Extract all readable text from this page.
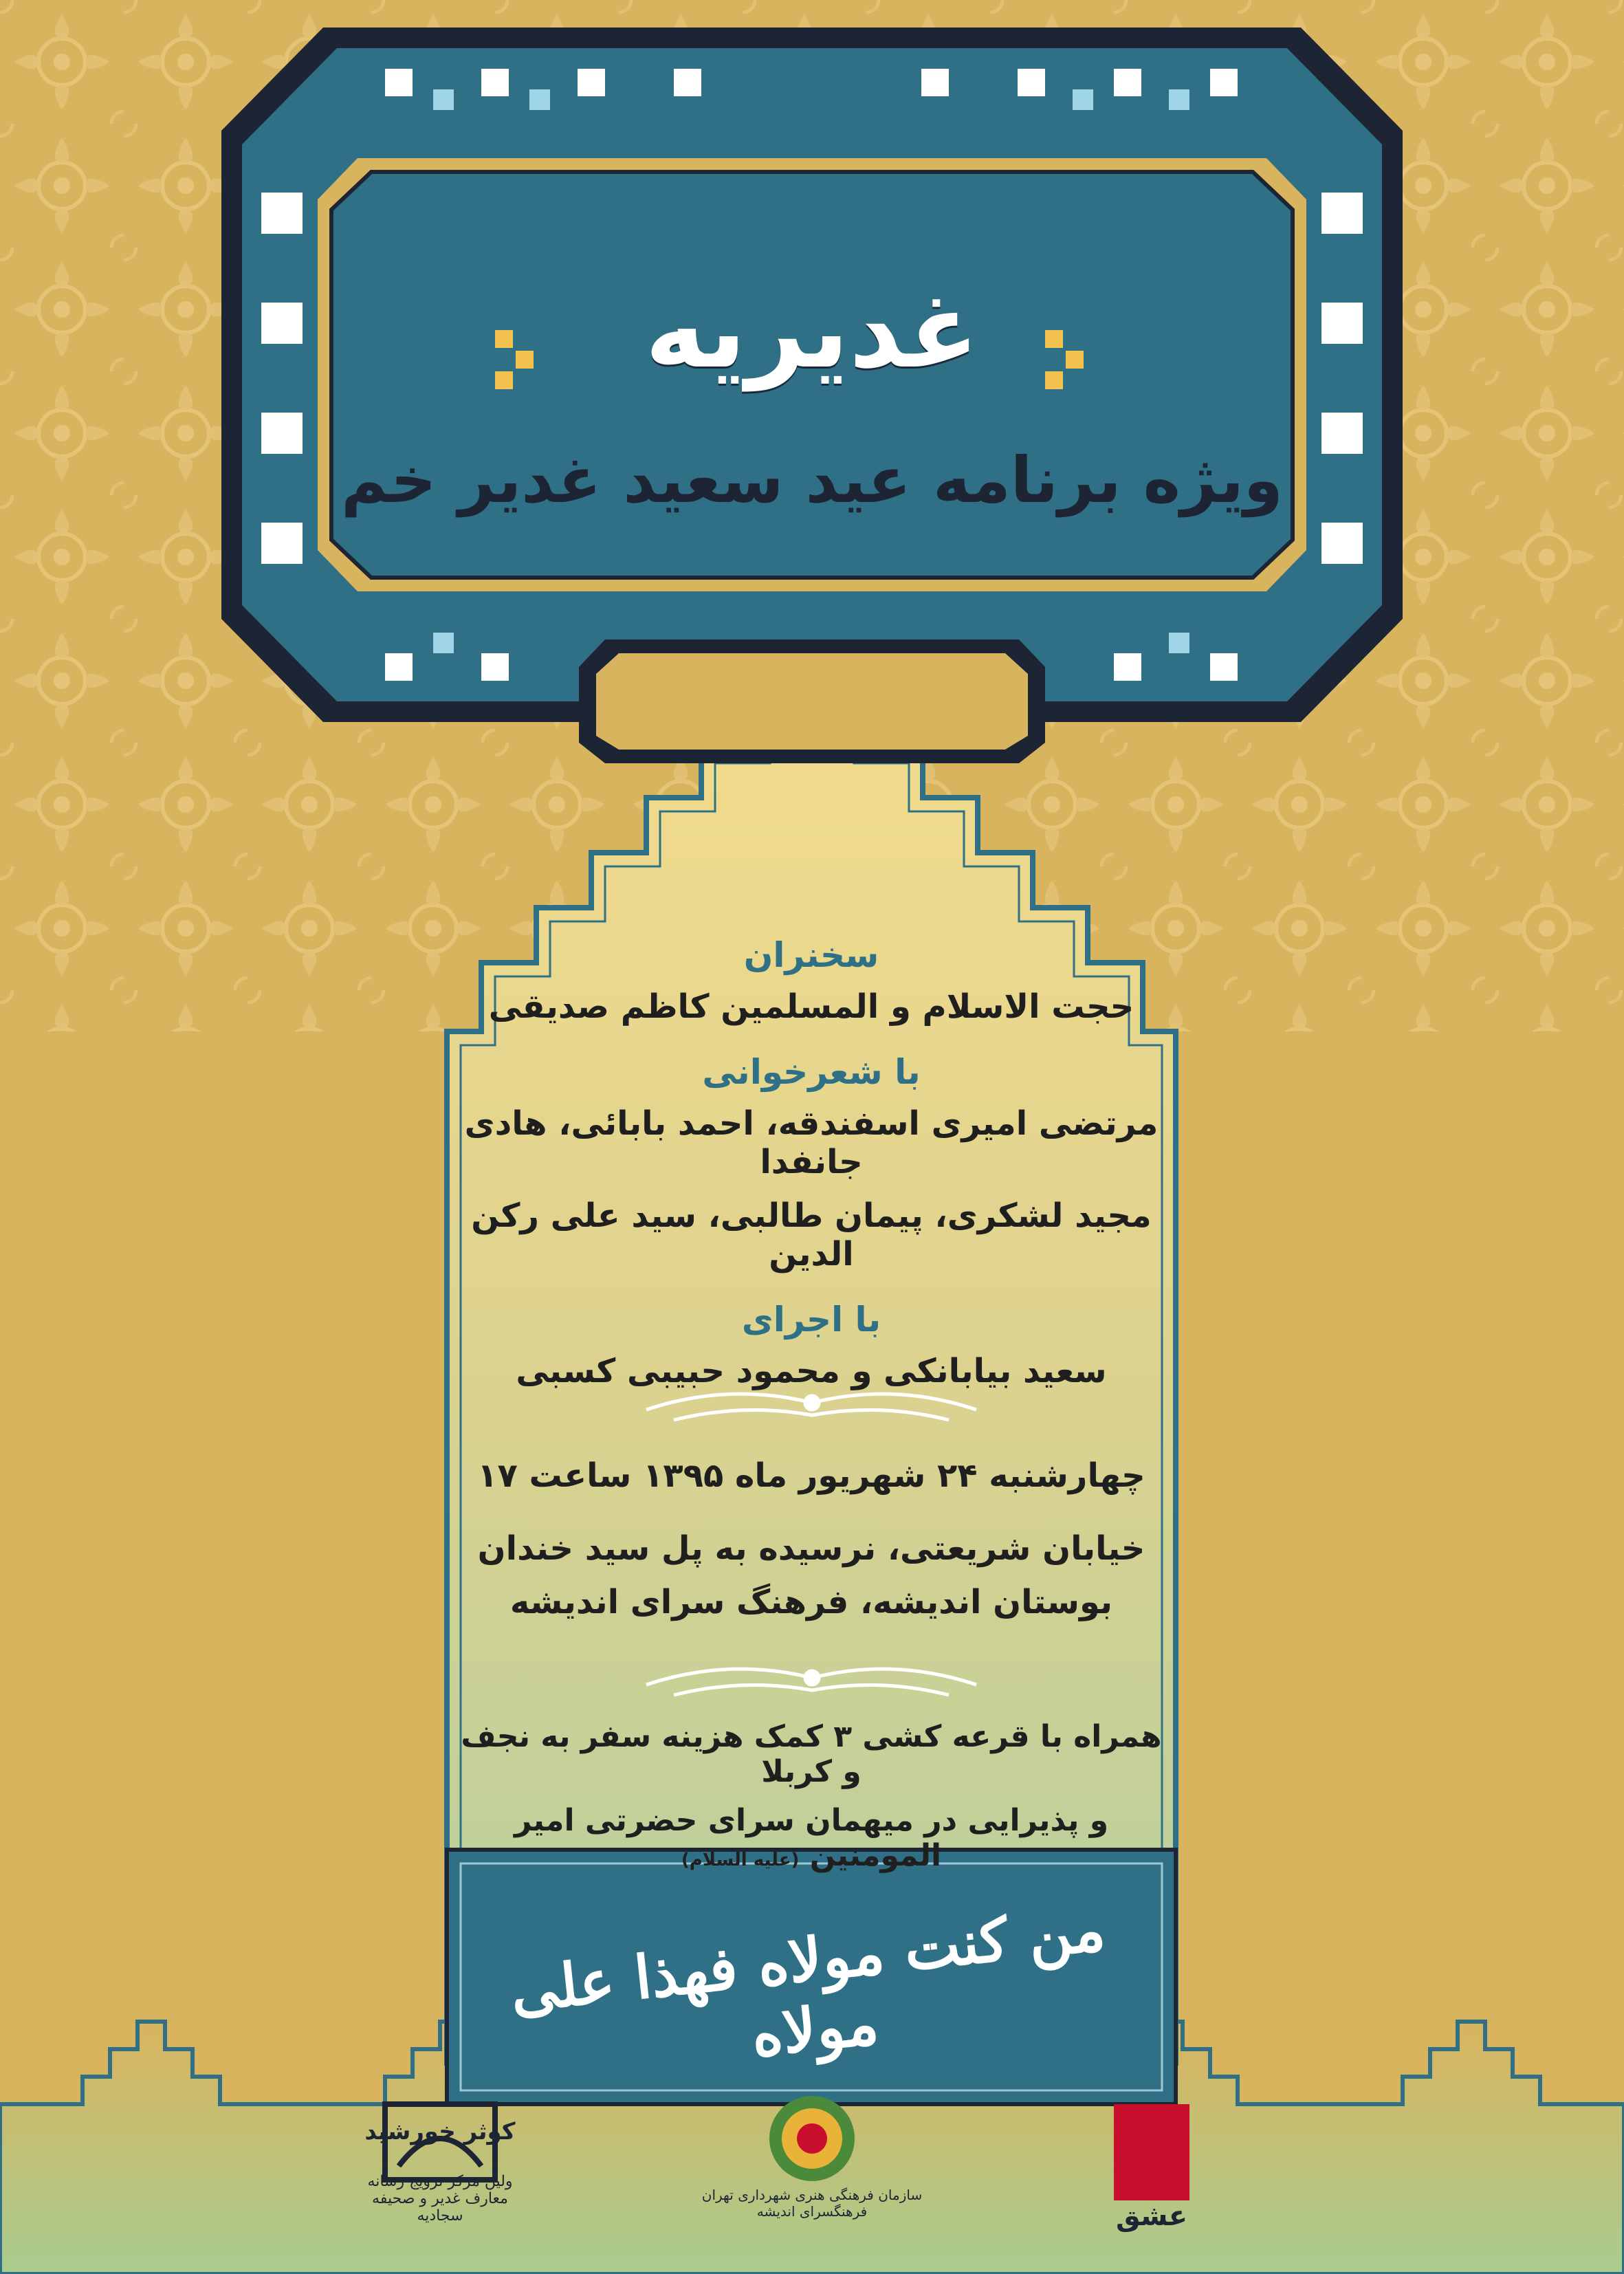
غدیریه
ویژه برنامه عید سعید غدیر خم
سخنران
حجت الاسلام و المسلمین کاظم صدیقی
با شعرخوانی
مرتضی امیری اسفندقه، احمد بابائی، هادی جانفدا
مجید لشکری، پیمان طالبی، سید علی رکن الدین
با اجرای
سعید بیابانکی و محمود حبیبی کسبی
چهارشنبه ۲۴ شهریور ماه ۱۳۹۵ ساعت ۱۷
خیابان شریعتی، نرسیده به پل سید خندان
بوستان اندیشه، فرهنگ سرای اندیشه
همراه با قرعه کشی ۳ کمک هزینه سفر به نجف و کربلا
و پذیرایی در میهمان سرای حضرتی امیر المومنین (علیه السلام)
من کنت مولاه فهذا علی مولاه
عشق
سازمان فرهنگی هنری شهرداری تهران
فرهنگسرای اندیشه
کوثر خورشید
ولین مرکز ترویج رسانه
معارف غدیر و صحیفه سجادیه
